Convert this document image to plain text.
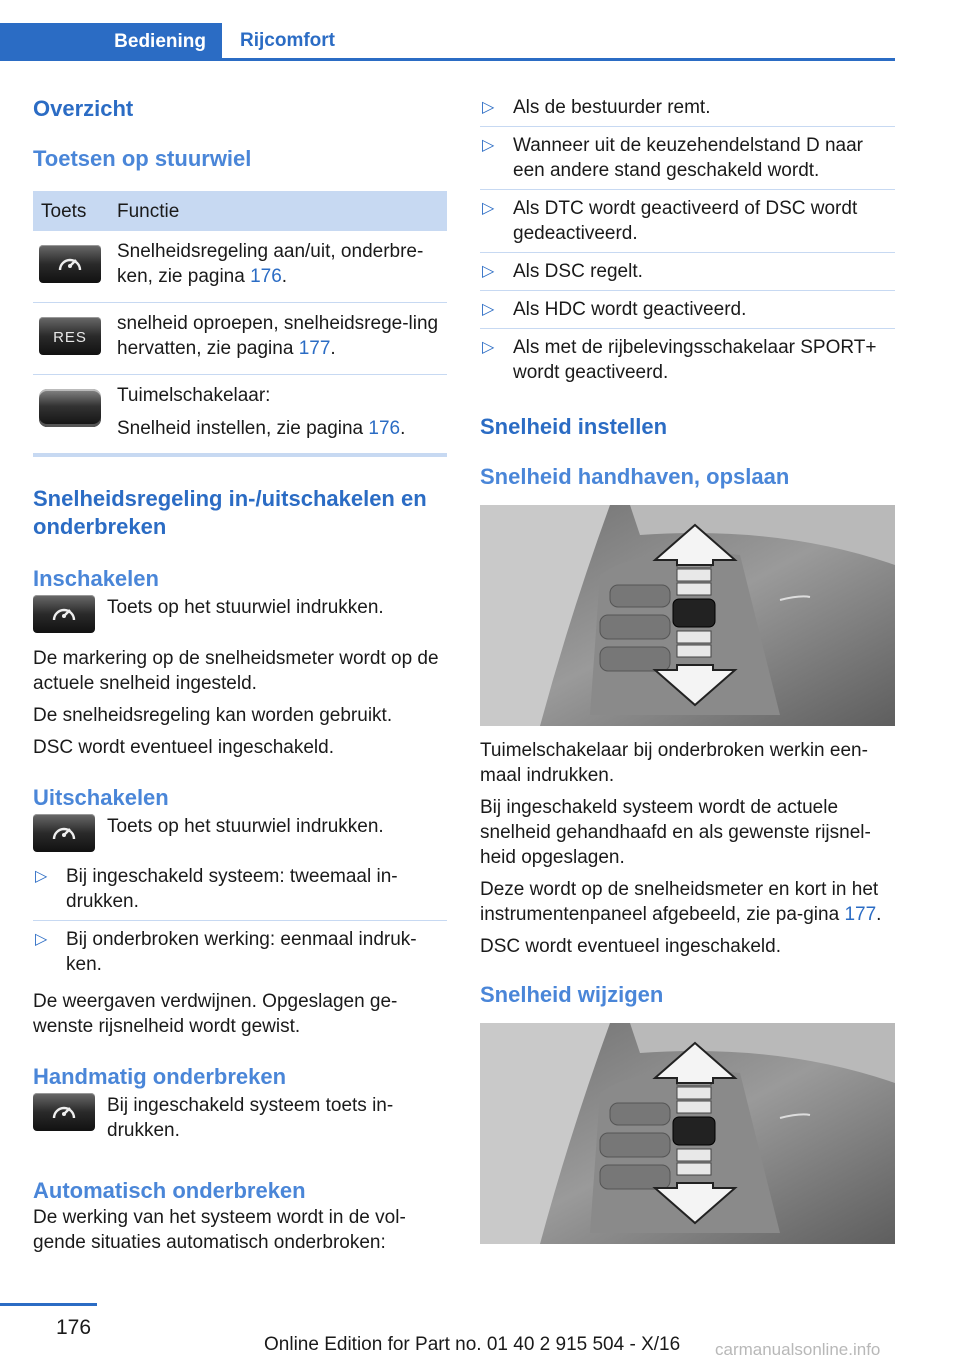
Bediening	Rijcomfort
Overzicht
Toetsen op stuurwiel
Toets	Functie

	Snelheidsregeling aan/uit, onderbre-ken, zie pagina 176.

RES	snelheid oproepen, snelheidsrege-ling hervatten, zie pagina 177.

	Tuimelschakelaar:
Snelheid instellen, zie pagina 176.
Snelheidsregeling in-/uitschakelen en onderbreken
Inschakelen
Toets op het stuurwiel indrukken.

De markering op de snelheidsmeter wordt op de actuele snelheid ingesteld.

De snelheidsregeling kan worden gebruikt.

DSC wordt eventueel ingeschakeld.

Uitschakelen
Toets op het stuurwiel indrukken.
▷ Bij ingeschakeld systeem: tweemaal in-drukken.
▷ Bij onderbroken werking: eenmaal indruk-ken.

De weergaven verdwijnen. Opgeslagen ge-wenste rijsnelheid wordt gewist.

Handmatig onderbreken
Bij ingeschakeld systeem toets in-drukken.
Automatisch onderbreken

De werking van het systeem wordt in de vol-gende situaties automatisch onderbroken:

▷ Als de bestuurder remt.
▷ Wanneer uit de keuzehendelstand D naar een andere stand geschakeld wordt.
▷ Als DTC wordt geactiveerd of DSC wordt gedeactiveerd.
▷ Als DSC regelt.
▷ Als HDC wordt geactiveerd.
▷ Als met de rijbelevingsschakelaar SPORT+ wordt geactiveerd.
Snelheid instellen
Snelheid handhaven, opslaan

Tuimelschakelaar bij onderbroken werkin een-maal indrukken.

Bij ingeschakeld systeem wordt de actuele snelheid gehandhaafd en als gewenste rijsnel-heid opgeslagen.

Deze wordt op de snelheidsmeter en kort in het instrumentenpaneel afgebeeld, zie pa-gina 177.

DSC wordt eventueel ingeschakeld.

Snelheid wijzigen
176
Online Edition for Part no. 01 40 2 915 504 - X/16 carmanualsonline.info
